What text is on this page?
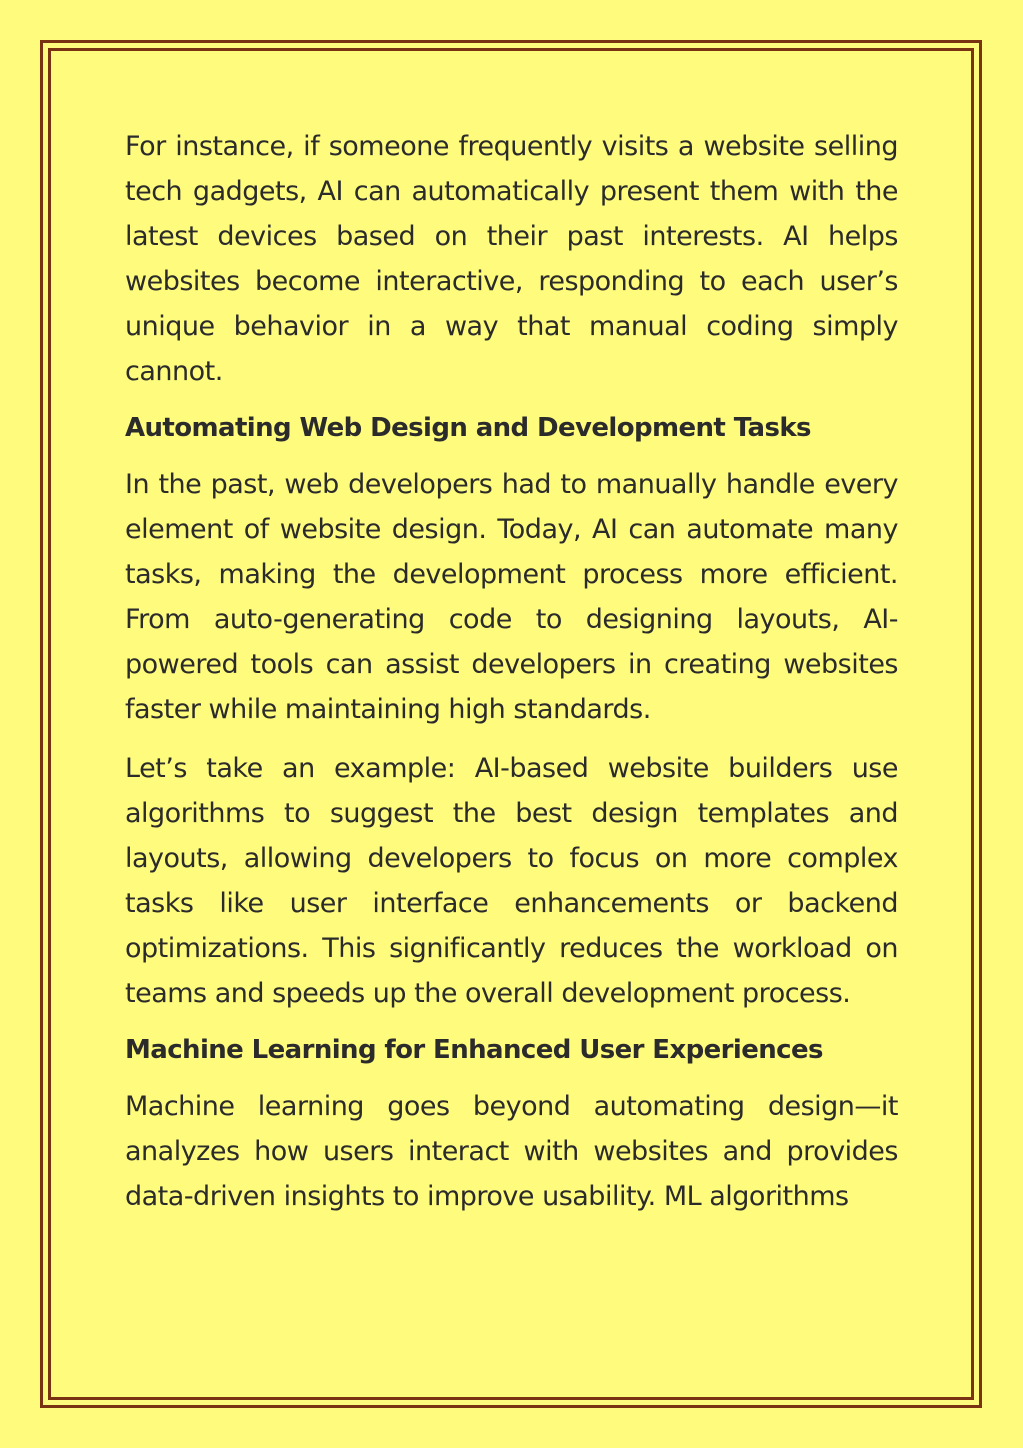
For instance, if someone frequently visits a website selling tech gadgets, AI can automatically present them with the latest devices based on their past interests. AI helps websites become interactive, responding to each user’s unique behavior in a way that manual coding simply cannot.

Automating Web Design and Development Tasks

In the past, web developers had to manually handle every element of website design. Today, AI can automate many tasks, making the development process more efficient. From auto-generating code to designing layouts, AI-powered tools can assist developers in creating websites faster while maintaining high standards.

Let’s take an example: AI-based website builders use algorithms to suggest the best design templates and layouts, allowing developers to focus on more complex tasks like user interface enhancements or backend optimizations. This significantly reduces the workload on teams and speeds up the overall development process.

Machine Learning for Enhanced User Experiences

Machine learning goes beyond automating design—it analyzes how users interact with websites and provides data-driven insights to improve usability. ML algorithms
